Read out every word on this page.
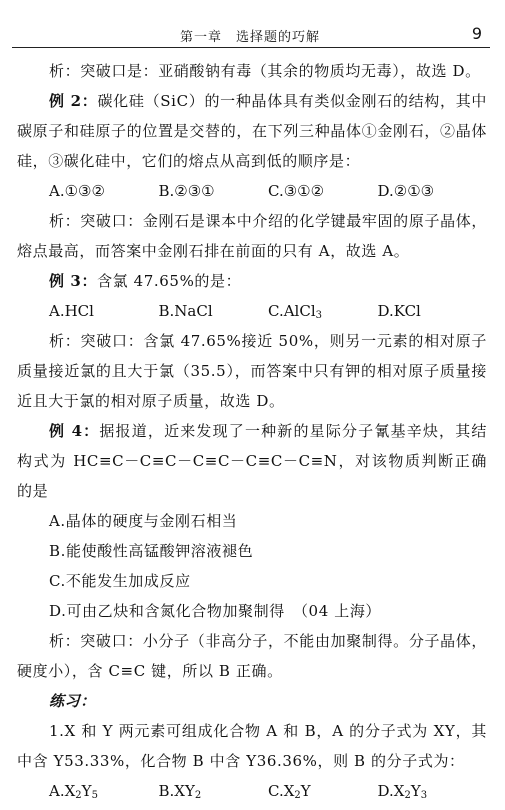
第一章　选择题的巧解	9
析：突破口是：亚硝酸钠有毒（其余的物质均无毒），故选 D。
例 2：碳化硅（SiC）的一种晶体具有类似金刚石的结构，其中碳原子和硅原子的位置是交替的，在下列三种晶体①金刚石，②晶体硅，③碳化硅中，它们的熔点从高到低的顺序是：
A.①③②	B.②③①	C.③①②	D.②①③
析：突破口：金刚石是课本中介绍的化学键最牢固的原子晶体，熔点最高，而答案中金刚石排在前面的只有 A，故选 A。
例 3：含氯 47.65%的是：
A.HCl	B.NaCl	C.AlCl$_3$	D.KCl
析：突破口：含氯 47.65%接近 50%，则另一元素的相对原子质量接近氯的且大于氯（35.5），而答案中只有钾的相对原子质量接近且大于氯的相对原子质量，故选 D。
例 4：据报道，近来发现了一种新的星际分子氰基辛炔，其结构式为 HC≡C－C≡C－C≡C－C≡C－C≡N，对该物质判断正确的是
A.晶体的硬度与金刚石相当
B.能使酸性高锰酸钾溶液褪色
C.不能发生加成反应
D.可由乙炔和含氮化合物加聚制得　（04 上海）
析：突破口：小分子（非高分子，不能由加聚制得。分子晶体，硬度小），含 C≡C 键，所以 B 正确。
练习：
1.X 和 Y 两元素可组成化合物 A 和 B，A 的分子式为 XY，其中含 Y53.33%，化合物 B 中含 Y36.36%，则 B 的分子式为：
$A.X_2Y_5$	$B.XY_2$	$C.X_2Y$	$D.X_2Y_3$
